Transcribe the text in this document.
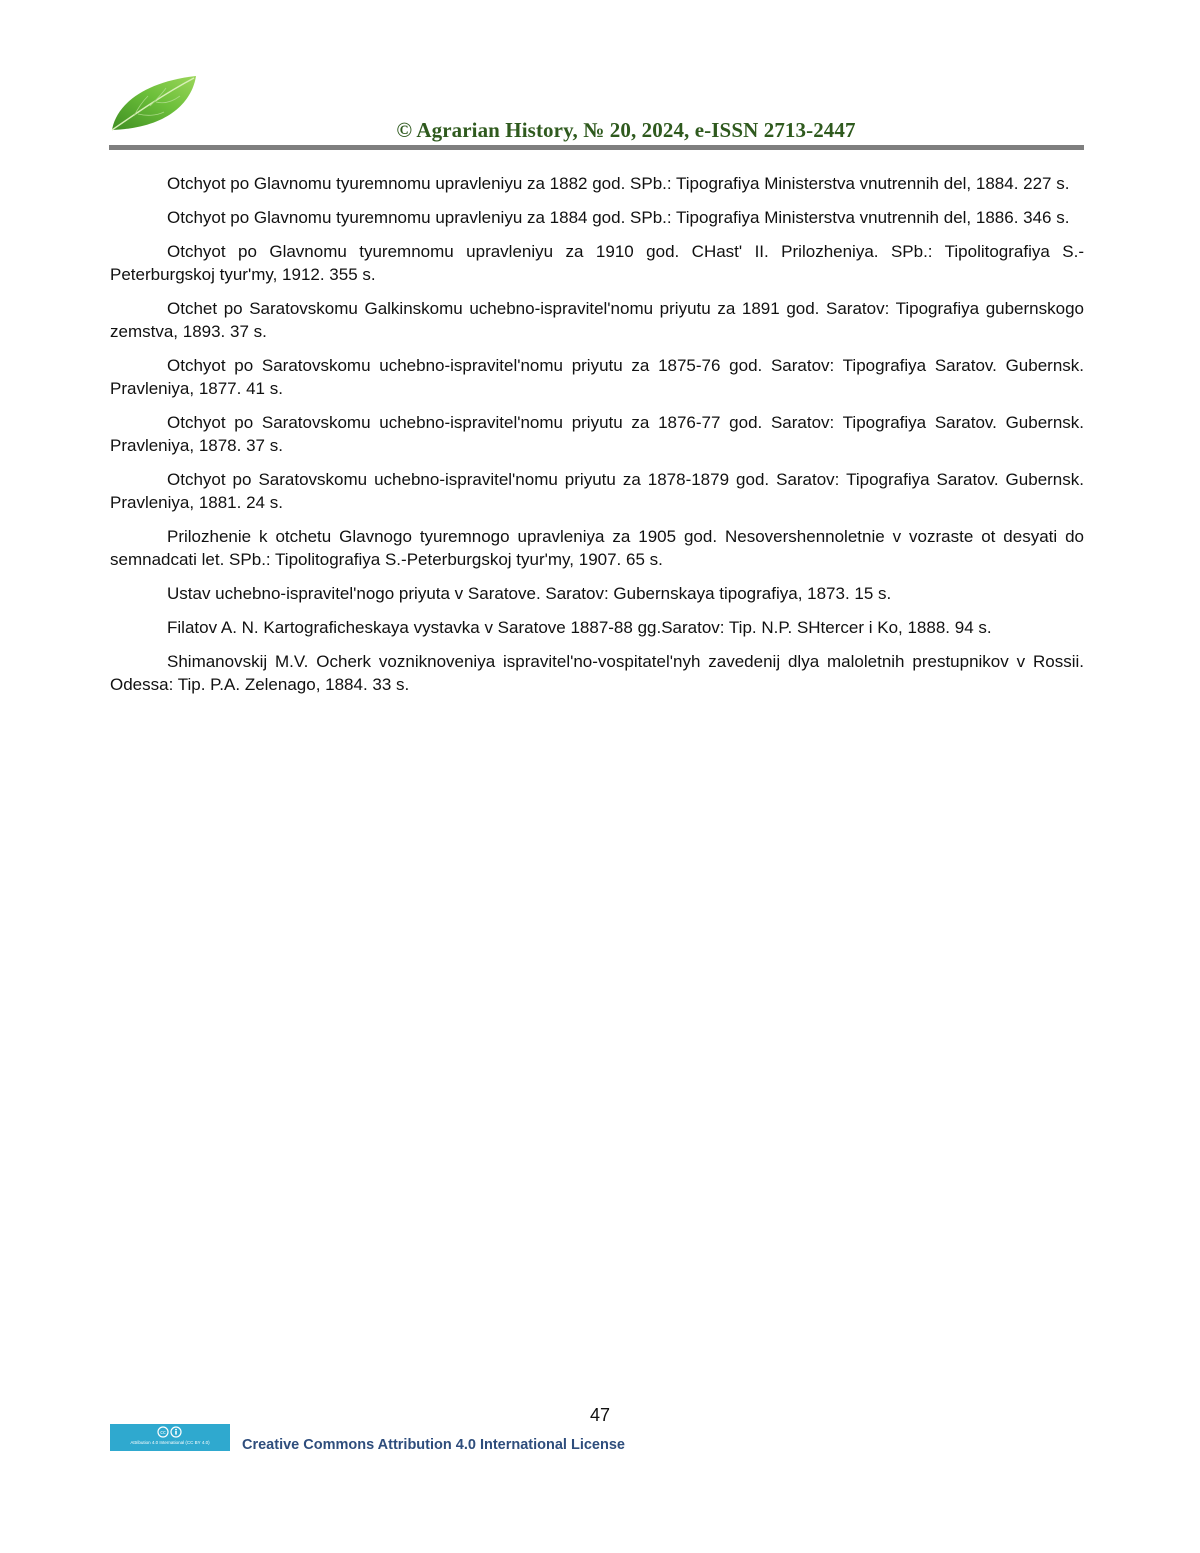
© Agrarian History, № 20, 2024, e-ISSN 2713-2447

Otchyot po Glavnomu tyuremnomu upravleniyu za 1882 god. SPb.: Tipografiya Ministerstva vnutrennih del, 1884. 227 s.

Otchyot po Glavnomu tyuremnomu upravleniyu za 1884 god. SPb.: Tipografiya Ministerstva vnutrennih del, 1886. 346 s.

Otchyot po Glavnomu tyuremnomu upravleniyu za 1910 god. CHast' II. Prilozheniya. SPb.: Tipolitografiya S.-Peterburgskoj tyur'my, 1912. 355 s.

Otchet po Saratovskomu Galkinskomu uchebno-ispravitel'nomu priyutu za 1891 god. Saratov: Tipografiya gubernskogo zemstva, 1893. 37 s.

Otchyot po Saratovskomu uchebno-ispravitel'nomu priyutu za 1875-76 god. Saratov: Tipografiya Saratov. Gubernsk. Pravleniya, 1877. 41 s.

Otchyot po Saratovskomu uchebno-ispravitel'nomu priyutu za 1876-77 god. Saratov: Tipografiya Saratov. Gubernsk. Pravleniya, 1878. 37 s.

Otchyot po Saratovskomu uchebno-ispravitel'nomu priyutu za 1878-1879 god. Saratov: Tipografiya Saratov. Gubernsk. Pravleniya, 1881. 24 s.

Prilozhenie k otchetu Glavnogo tyuremnogo upravleniya za 1905 god. Nesovershennoletnie v vozraste ot desyati do semnadcati let. SPb.: Tipolitografiya S.-Peterburgskoj tyur'my, 1907. 65 s.

Ustav uchebno-ispravitel'nogo priyuta v Saratove. Saratov: Gubernskaya tipografiya, 1873. 15 s.

Filatov A. N. Kartograficheskaya vystavka v Saratove 1887-88 gg.Saratov: Tip. N.P. SHtercer i Ko, 1888. 94 s.

Shimanovskij M.V. Ocherk vozniknoveniya ispravitel'no-vospitatel'nyh zavedenij dlya maloletnih prestupnikov v Rossii. Odessa: Tip. P.A. Zelenago, 1884. 33 s.

47
cc
Attribution 4.0 International (CC BY 4.0)	Creative Commons Attribution 4.0 International License
